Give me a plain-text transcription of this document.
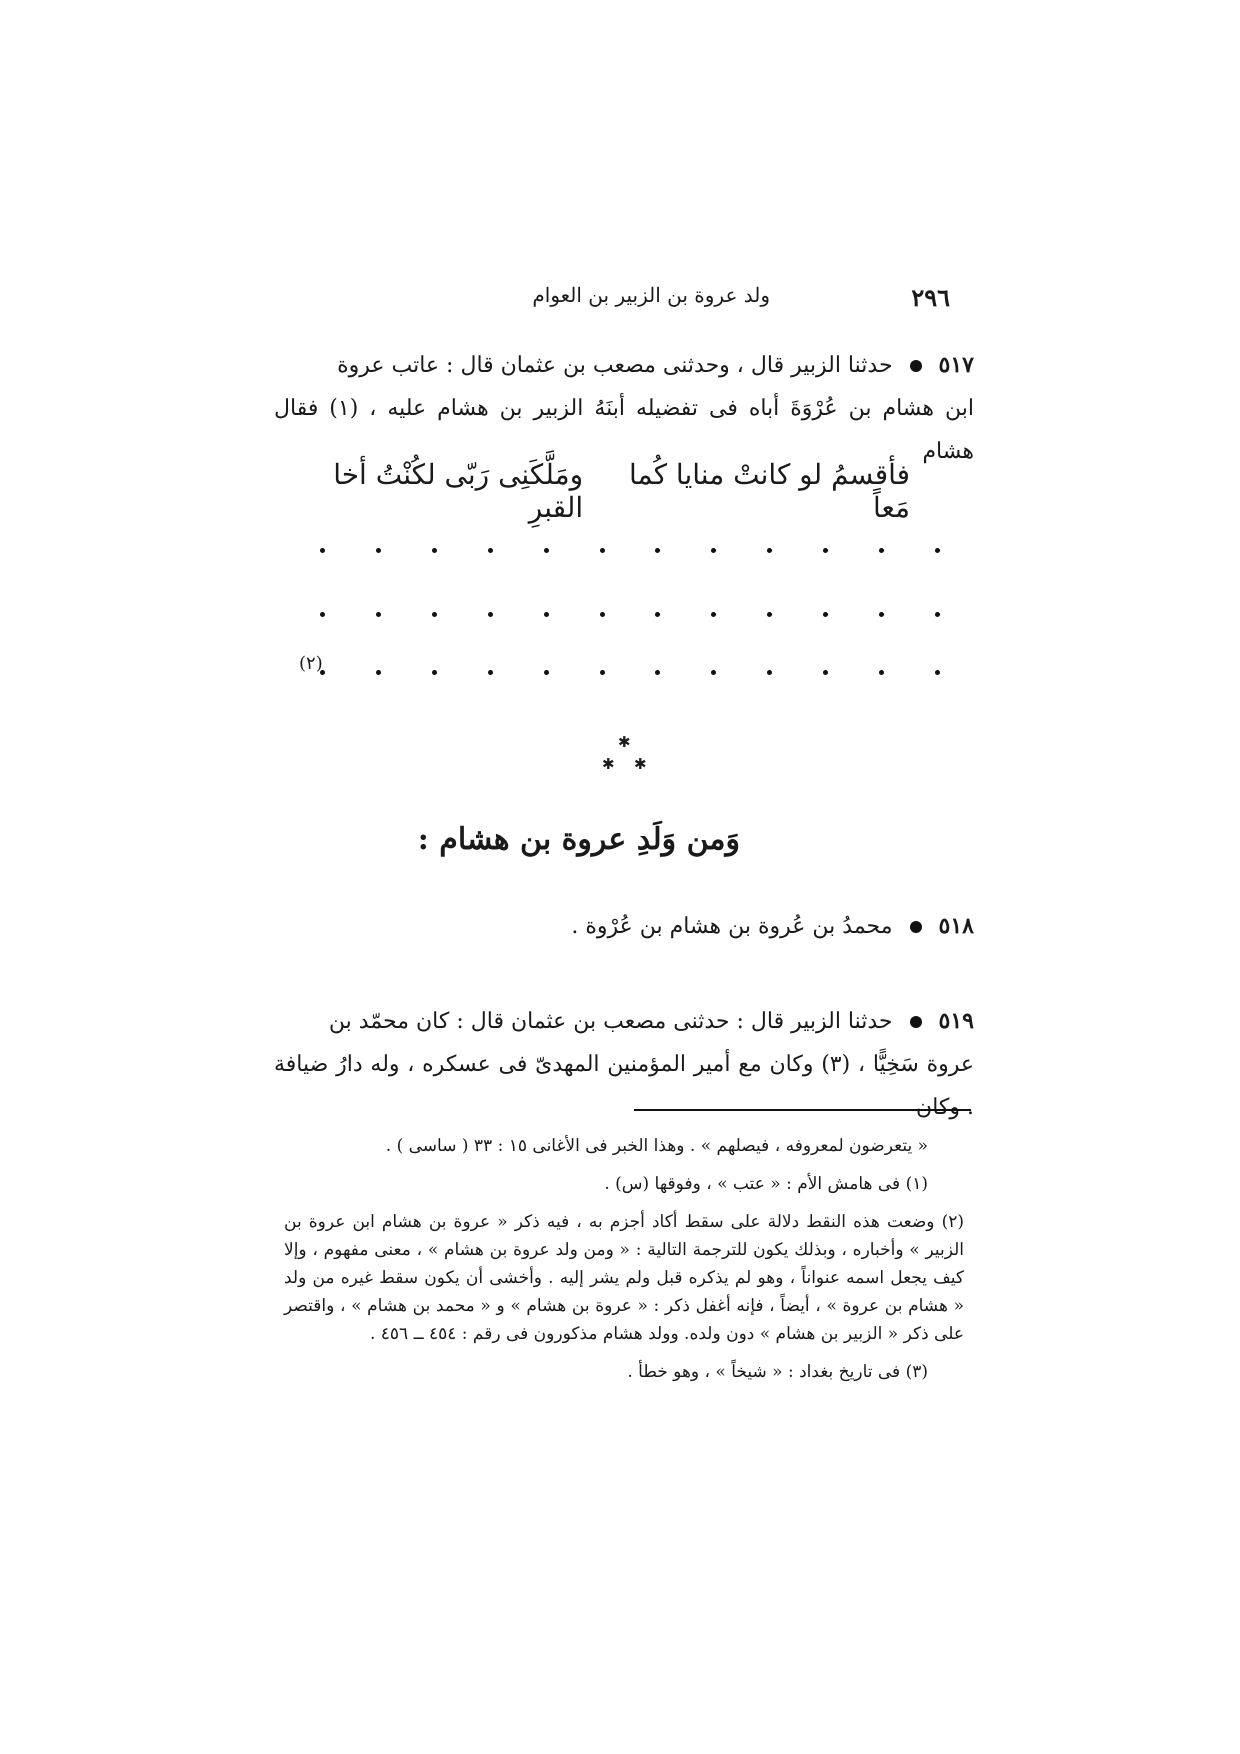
٢٩٦
ولد عروة بن الزبير بن العوام
٥١٧  حدثنا الزبير قال ، وحدثنى مصعب بن عثمان قال : عاتب عروة
ابن هشام بن عُرْوَةَ أباه فى تفضيله أبنَهُ الزبير بن هشام عليه ، (١) فقال هشام
فأقسمُ لو كانتْ منايا كُما مَعاً
ومَلَّكَنِى رَبّى لكُنْتُ أخا القبرِ
(٢)
✱
✱ ✱
وَمن وَلَدِ عروة بن هشام :
٥١٨  محمدُ بن عُروة بن هشام بن عُرْوة .
٥١٩  حدثنا الزبير قال : حدثنى مصعب بن عثمان قال : كان محمّد بن
عروة سَخِيًّا ، (٣) وكان مع أمير المؤمنين المهدىّ فى عسكره ، وله دارُ ضيافة . وكان

« يتعرضون لمعروفه ، فيصلهم » . وهذا الخبر فى الأغانى ١٥ : ٣٣ ( ساسى ) .

(١) فى هامش الأم : « عتب » ، وفوقها (س) .

(٢) وضعت هذه النقط دلالة على سقط أكاد أجزم به ، فيه ذكر « عروة بن هشام ابن عروة بن الزبير » وأخباره ، وبذلك يكون للترجمة التالية : « ومن ولد عروة بن هشام » ، معنى مفهوم ، وإلا كيف يجعل اسمه عنواناً ، وهو لم يذكره قبل ولم يشر إليه . وأخشى أن يكون سقط غيره من ولد « هشام بن عروة » ، أيضاً ، فإنه أغفل ذكر : « عروة بن هشام » و « محمد بن هشام » ، واقتصر على ذكر « الزبير بن هشام » دون ولده. وولد هشام مذكورون فى رقم : ٤٥٤ ــ ٤٥٦ .

(٣) فى تاريخ بغداد : « شيخاً » ، وهو خطأ .
